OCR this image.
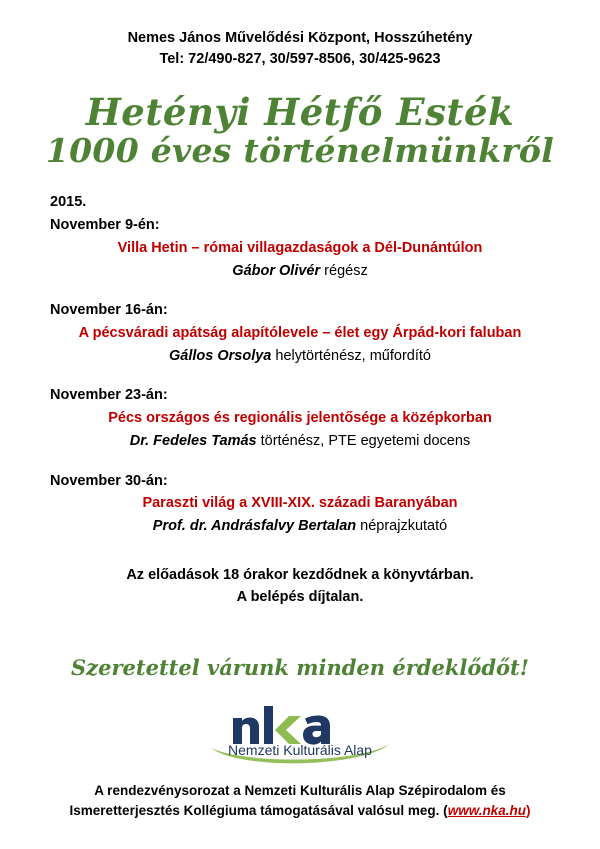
Nemes János Művelődési Központ, Hosszúhetény
Tel: 72/490-827, 30/597-8506, 30/425-9623
Hetényi Hétfő Esték
1000 éves történelmünkről
2015.
November 9-én:
Villa Hetin – római villagazdaságok a Dél-Dunántúlon
Gábor Olivér régész
November 16-án:
A pécsváradi apátság alapítólevele – élet egy Árpád-kori faluban
Gállos Orsolya helytörténész, műfordító
November 23-án:
Pécs országos és regionális jelentősége a középkorban
Dr. Fedeles Tamás történész, PTE egyetemi docens
November 30-án:
Paraszti világ a XVIII-XIX. századi Baranyában
Prof. dr. Andrásfalvy Bertalan néprajzkutató
Az előadások 18 órakor kezdődnek a könyvtárban.
A belépés díjtalan.
Szeretettel várunk minden érdeklődőt!
Nemzeti Kulturális Alap
A rendezvénysorozat a Nemzeti Kulturális Alap Szépirodalom és
Ismeretterjesztés Kollégiuma támogatásával valósul meg. (www.nka.hu)
